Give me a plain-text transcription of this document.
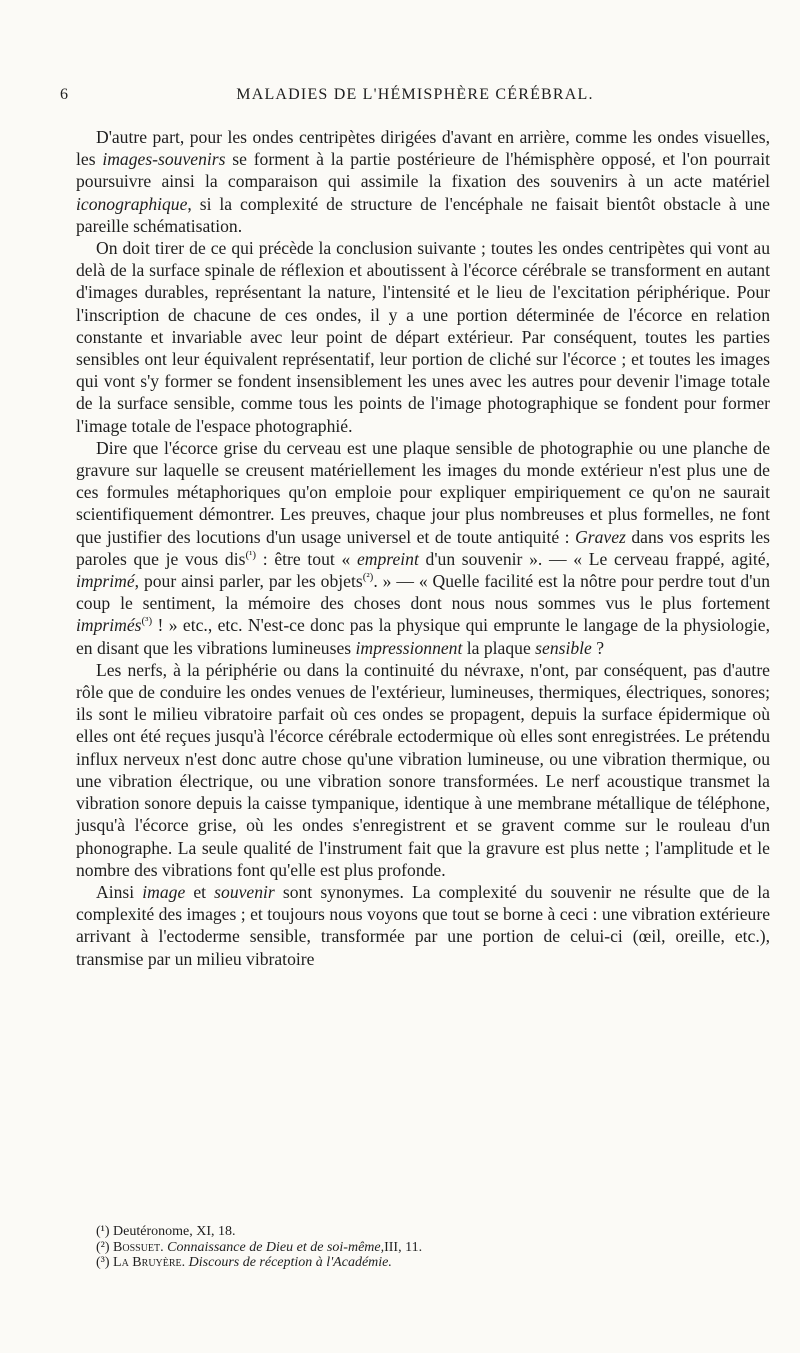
6	MALADIES DE L'HÉMISPHÈRE CÉRÉBRAL.

D'autre part, pour les ondes centripètes dirigées d'avant en arrière, comme les ondes visuelles, les images-souvenirs se forment à la partie postérieure de l'hémisphère opposé, et l'on pourrait poursuivre ainsi la comparaison qui assimile la fixation des souvenirs à un acte matériel iconographique, si la complexité de structure de l'encéphale ne faisait bientôt obstacle à une pareille schématisation.

On doit tirer de ce qui précède la conclusion suivante ; toutes les ondes centripètes qui vont au delà de la surface spinale de réflexion et aboutissent à l'écorce cérébrale se transforment en autant d'images durables, représentant la nature, l'intensité et le lieu de l'excitation périphérique. Pour l'inscription de chacune de ces ondes, il y a une portion déterminée de l'écorce en relation constante et invariable avec leur point de départ extérieur. Par conséquent, toutes les parties sensibles ont leur équivalent représentatif, leur portion de cliché sur l'écorce ; et toutes les images qui vont s'y former se fondent insensiblement les unes avec les autres pour devenir l'image totale de la surface sensible, comme tous les points de l'image photographique se fondent pour former l'image totale de l'espace photographié.

Dire que l'écorce grise du cerveau est une plaque sensible de photographie ou une planche de gravure sur laquelle se creusent matériellement les images du monde extérieur n'est plus une de ces formules métaphoriques qu'on emploie pour expliquer empiriquement ce qu'on ne saurait scientifiquement démontrer. Les preuves, chaque jour plus nombreuses et plus formelles, ne font que justifier des locutions d'un usage universel et de toute antiquité : Gravez dans vos esprits les paroles que je vous dis$^{(^1)}$ : être tout « empreint d'un souvenir ». — « Le cerveau frappé, agité, imprimé, pour ainsi parler, par les objets$^{(^2)}$. » — « Quelle facilité est la nôtre pour perdre tout d'un coup le sentiment, la mémoire des choses dont nous nous sommes vus le plus fortement imprimés$^{(^3)}$ ! » etc., etc. N'est-ce donc pas la physique qui emprunte le langage de la physiologie, en disant que les vibrations lumineuses impressionnent la plaque sensible ?

Les nerfs, à la périphérie ou dans la continuité du névraxe, n'ont, par conséquent, pas d'autre rôle que de conduire les ondes venues de l'extérieur, lumineuses, thermiques, électriques, sonores; ils sont le milieu vibratoire parfait où ces ondes se propagent, depuis la surface épidermique où elles ont été reçues jusqu'à l'écorce cérébrale ectodermique où elles sont enregistrées. Le prétendu influx nerveux n'est donc autre chose qu'une vibration lumineuse, ou une vibration thermique, ou une vibration électrique, ou une vibration sonore transformées. Le nerf acoustique transmet la vibration sonore depuis la caisse tympanique, identique à une membrane métallique de téléphone, jusqu'à l'écorce grise, où les ondes s'enregistrent et se gravent comme sur le rouleau d'un phonographe. La seule qualité de l'instrument fait que la gravure est plus nette ; l'amplitude et le nombre des vibrations font qu'elle est plus profonde.

Ainsi image et souvenir sont synonymes. La complexité du souvenir ne résulte que de la complexité des images ; et toujours nous voyons que tout se borne à ceci : une vibration extérieure arrivant à l'ectoderme sensible, transformée par une portion de celui-ci (œil, oreille, etc.), transmise par un milieu vibratoire

(¹) Deutéronome, XI, 18.

(²) Bossuet. Connaissance de Dieu et de soi-même,III, 11.

(³) La Bruyère. Discours de réception à l'Académie.
